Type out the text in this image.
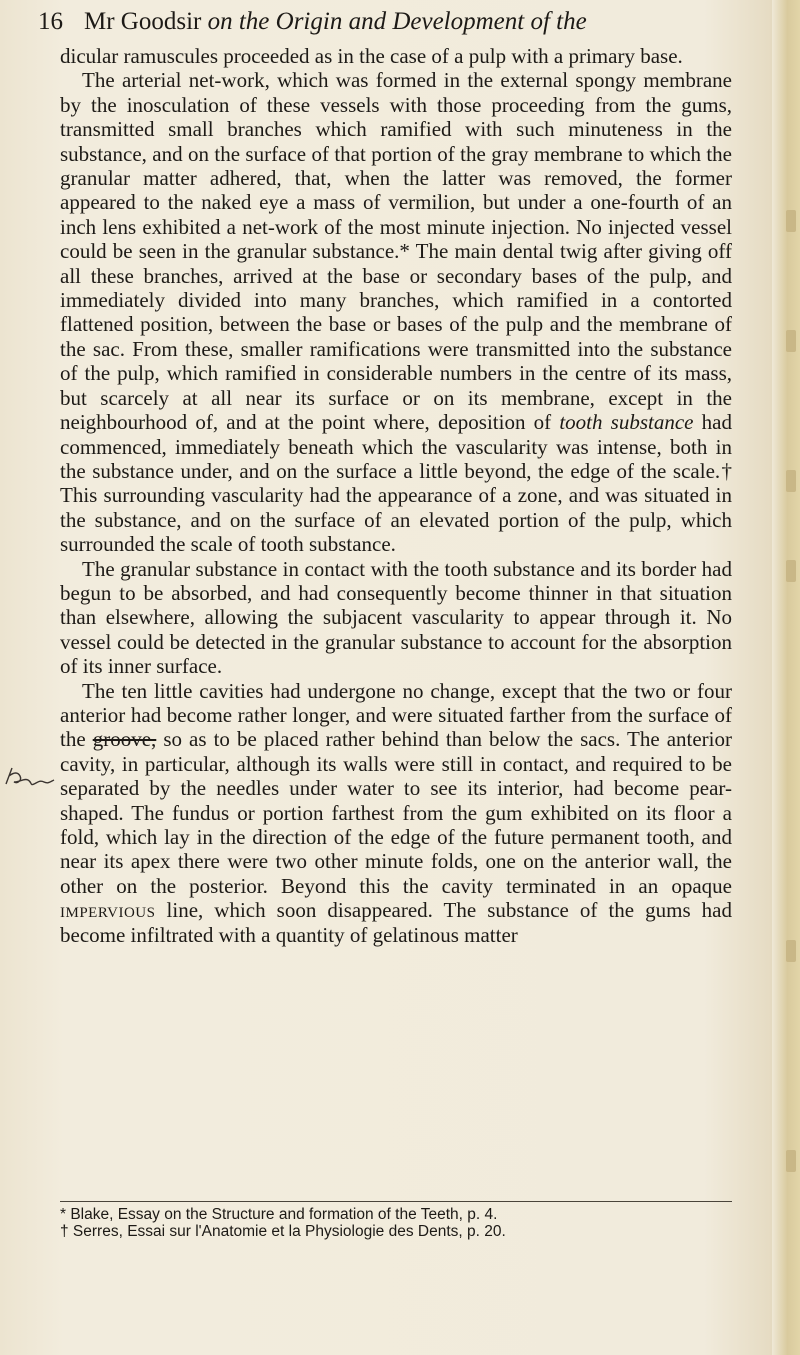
16 Mr Goodsir on the Origin and Development of the

dicular ramuscules proceeded as in the case of a pulp with a primary base.

The arterial net-work, which was formed in the external spongy membrane by the inosculation of these vessels with those proceeding from the gums, transmitted small branches which ramified with such minuteness in the substance, and on the surface of that portion of the gray membrane to which the granular matter adhered, that, when the latter was removed, the former appeared to the naked eye a mass of vermilion, but under a one-fourth of an inch lens exhibited a net-work of the most minute injection. No injected vessel could be seen in the granular substance.* The main dental twig after giving off all these branches, arrived at the base or secondary bases of the pulp, and immediately divided into many branches, which ramified in a contorted flattened position, between the base or bases of the pulp and the membrane of the sac. From these, smaller ramifications were transmitted into the substance of the pulp, which ramified in considerable numbers in the centre of its mass, but scarcely at all near its surface or on its membrane, except in the neighbourhood of, and at the point where, deposition of tooth substance had commenced, immediately beneath which the vascularity was intense, both in the substance under, and on the surface a little beyond, the edge of the scale.† This surrounding vascularity had the appearance of a zone, and was situated in the substance, and on the surface of an elevated portion of the pulp, which surrounded the scale of tooth substance.

The granular substance in contact with the tooth substance and its border had begun to be absorbed, and had consequently become thinner in that situation than elsewhere, allowing the subjacent vascularity to appear through it. No vessel could be detected in the granular substance to account for the absorption of its inner surface.

The ten little cavities had undergone no change, except that the two or four anterior had become rather longer, and were situated farther from the surface of the groove, so as to be placed rather behind than below the sacs. The anterior cavity, in particular, although its walls were still in contact, and required to be separated by the needles under water to see its interior, had become pear-shaped. The fundus or portion farthest from the gum exhibited on its floor a fold, which lay in the direction of the edge of the future permanent tooth, and near its apex there were two other minute folds, one on the anterior wall, the other on the posterior. Beyond this the cavity terminated in an opaque impervious line, which soon disappeared. The substance of the gums had become infiltrated with a quantity of gelatinous matter

* Blake, Essay on the Structure and formation of the Teeth, p. 4.
† Serres, Essai sur l'Anatomie et la Physiologie des Dents, p. 20.
